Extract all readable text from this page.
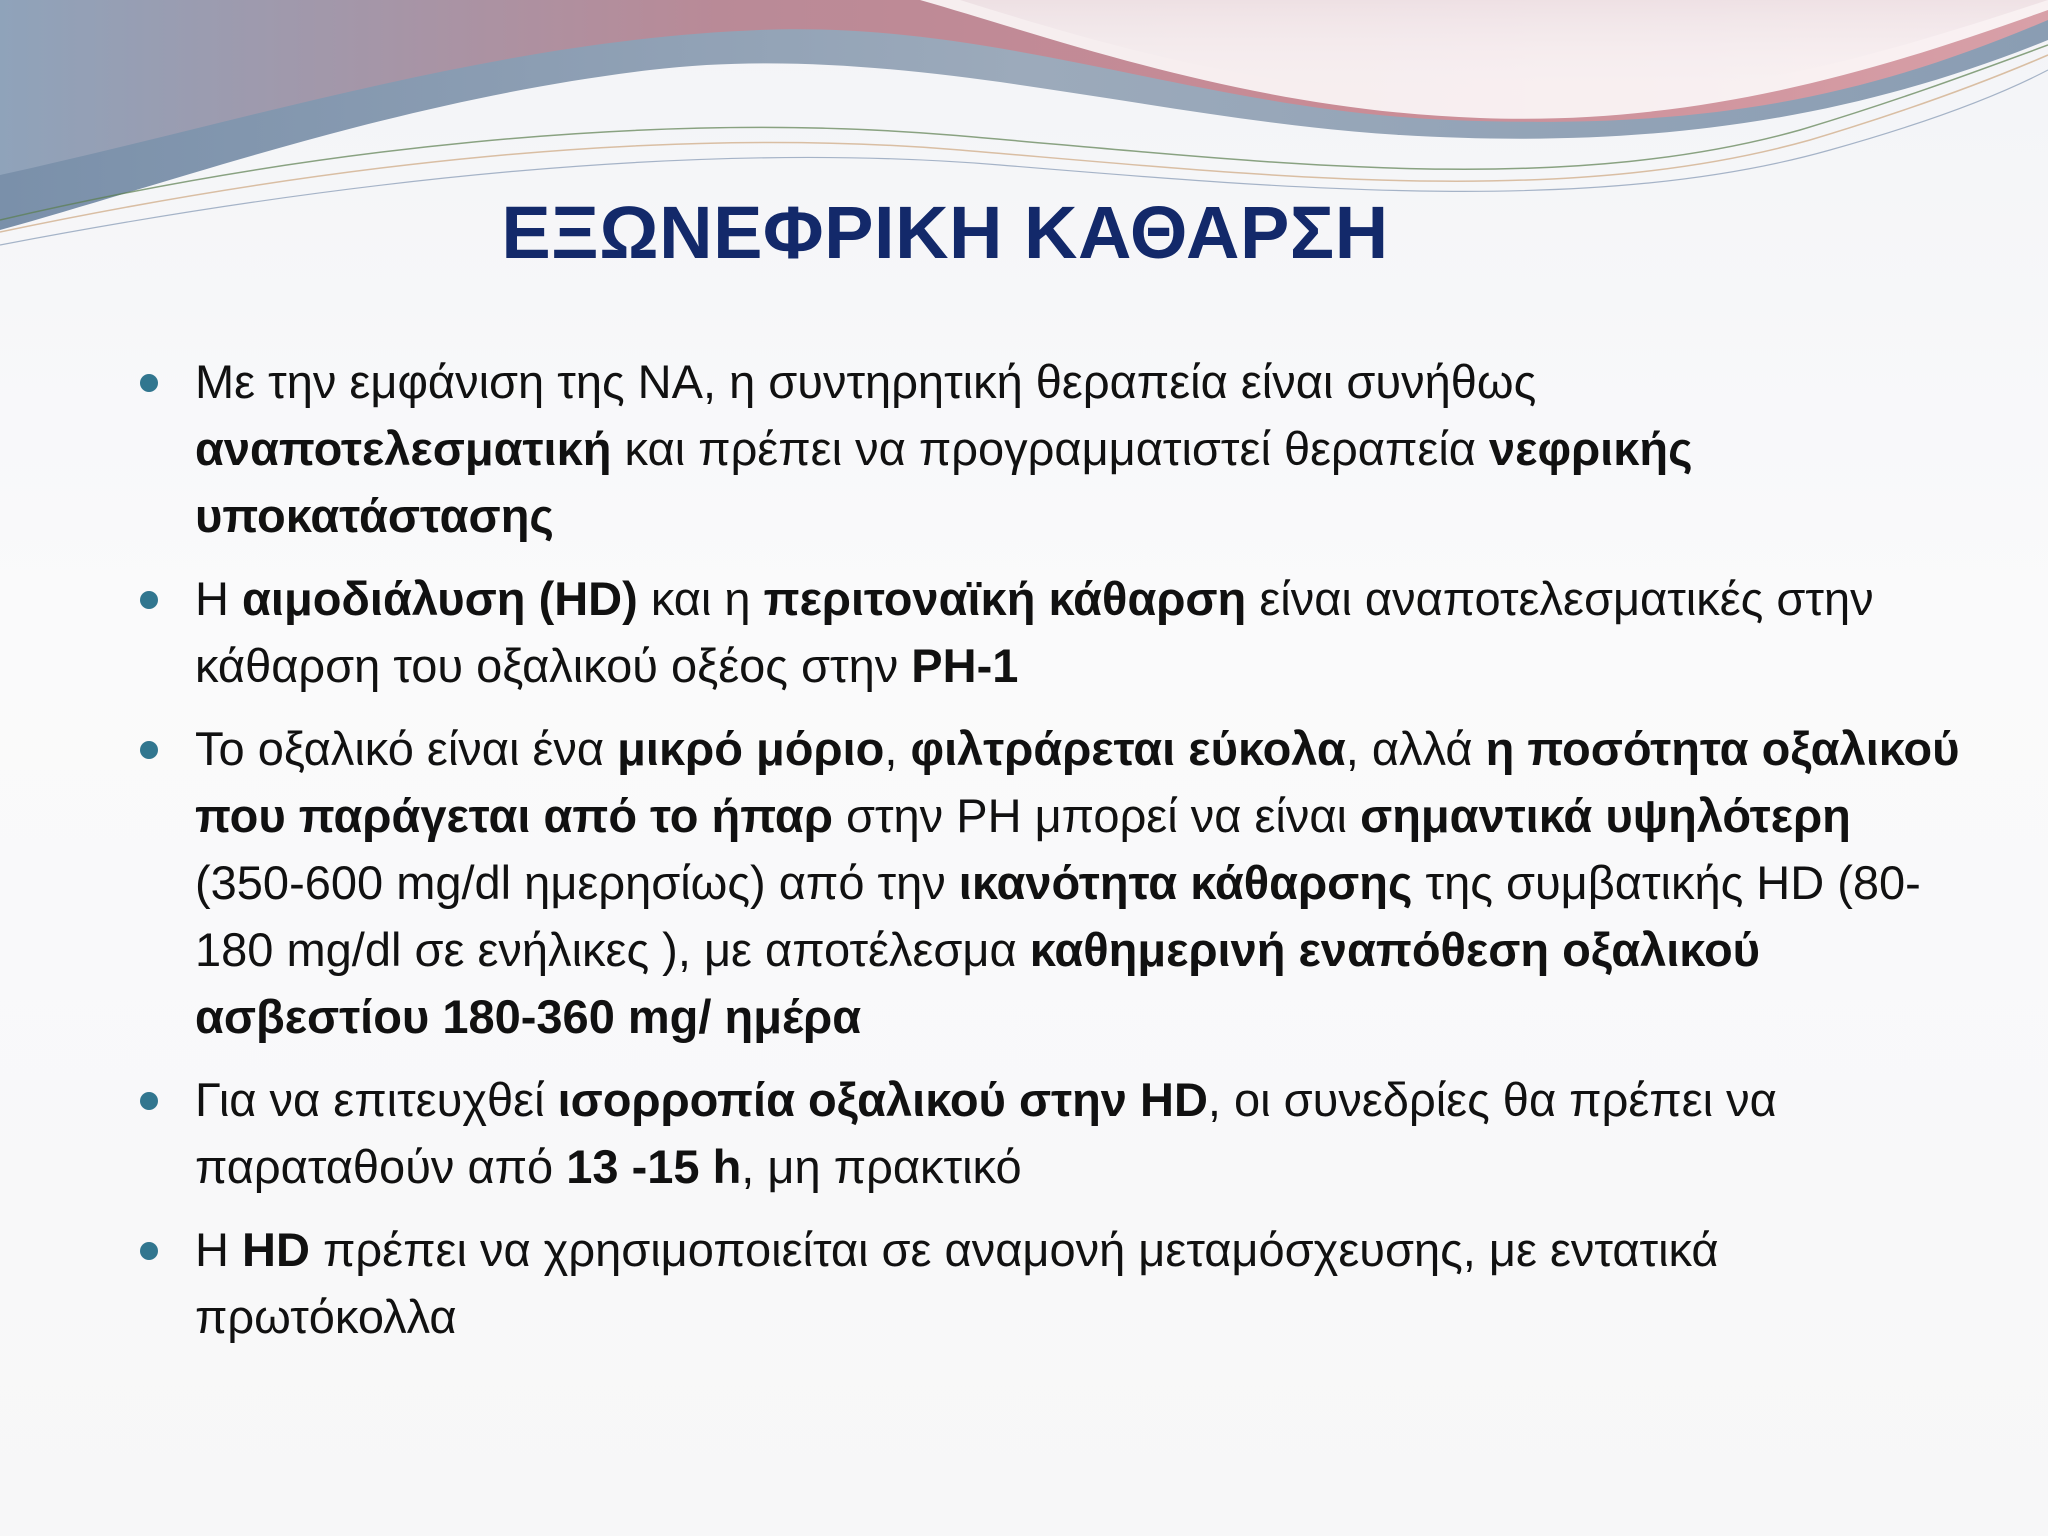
ΕΞΩΝΕΦΡΙΚΗ ΚΑΘΑΡΣΗ
Με την εμφάνιση της ΝΑ, η συντηρητική θεραπεία είναι συνήθως αναποτελεσματική και πρέπει να προγραμματιστεί θεραπεία νεφρικής υποκατάστασης
Η αιμοδιάλυση (HD) και η περιτοναϊκή κάθαρση είναι αναποτελεσματικές στην κάθαρση του οξαλικού οξέος στην PH-1
Το οξαλικό είναι ένα μικρό μόριο, φιλτράρεται εύκολα, αλλά η ποσότητα οξαλικού που παράγεται από το ήπαρ στην PH μπορεί να είναι σημαντικά υψηλότερη (350-600 mg/dl ημερησίως) από την ικανότητα κάθαρσης της συμβατικής HD (80-180 mg/dl σε ενήλικες ), με αποτέλεσμα καθημερινή εναπόθεση οξαλικού ασβεστίου 180-360 mg/ ημέρα
Για να επιτευχθεί ισορροπία οξαλικού στην HD, οι συνεδρίες θα πρέπει να παραταθούν από 13 -15 h, μη πρακτικό
Η HD πρέπει να χρησιμοποιείται σε αναμονή μεταμόσχευσης, με εντατικά πρωτόκολλα
